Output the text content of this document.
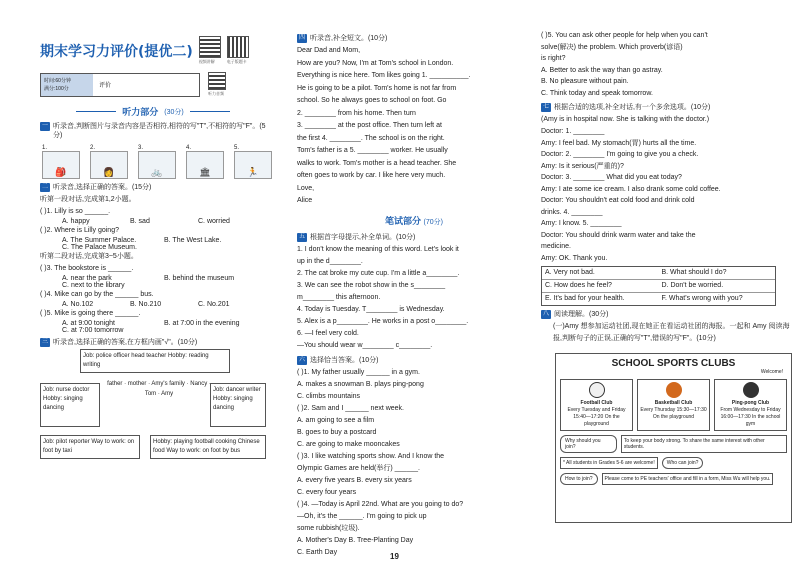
期末学习力评价(提优二)
视频讲解	电子版题卡
时间:60分钟
满分:100分	评价
听力音频
听力部分 (30分)
一 听录音,判断图片与录音内容是否相符,相符的写"T",不相符的写"F"。(5分)
1.
🎒
2.
👩
3.
🚲
4.
🏛
5.
🏃
二 听录音,选择正确的答案。(15分)

听第一段对话,完成第1,2小题。

( )1. Lilly is so ______.

A. happy	B. sad	C. worried

( )2. Where is Lilly going?

A. The Summer Palace.	B. The West Lake.
C. The Palace Museum.

听第二段对话,完成第3~5小题。

( )3. The bookstore is ______.

A. near the park	B. behind the museum
C. next to the library

( )4. Mike can go by the ______ bus.

A. No.102	B. No.210	C. No.201

( )5. Mike is going there ______.

A. at 9:00 tonight	B. at 7:00 in the evening
C. at 7:00 tomorrow
三 听录音,选择正确的答案,在方框内画"√"。(10分)
Job: police officer head teacher Hobby: reading writing
Job: nurse doctor Hobby: singing dancing
father · mother · Amy's family · Nancy · Tom · Amy
Job: dancer writer Hobby: singing dancing
Job: pilot reporter Way to work: on foot by taxi
Hobby: playing football cooking Chinese food Way to work: on foot by bus
四 听录音,补全短文。(10分)

Dear Dad and Mom,

How are you? Now, I'm at Tom's school in London.

Everything is nice here. Tom likes going 1. __________.

He is going to be a pilot. Tom's home is not far from

school. So he always goes to school on foot. Go

2. ________ from his home. Then turn

3. ________ at the post office. Then turn left at

the first 4. ________. The school is on the right.

Tom's father is a 5. ________ worker. He usually

walks to work. Tom's mother is a head teacher. She

often goes to work by car. I like here very much.

Love,

Alice

笔试部分 (70分)
五 根据首字母提示,补全单词。(10分)

1. I don't know the meaning of this word. Let's look it

up in the d________.

2. The cat broke my cute cup. I'm a little a________.

3. We can see the robot show in the s________

m________ this afternoon.

4. Today is Tuesday. T________ is Wednesday.

5. Alex is a p________. He works in a post o________.

6. —I feel very cold.

—You should wear w________ c________.

六 选择恰当答案。(10分)

( )1. My father usually ______ in a gym.

A. makes a snowman B. plays ping-pong

C. climbs mountains

( )2. Sam and I ______ next week.

A. am going to see a film

B. goes to buy a postcard

C. are going to make mooncakes

( )3. I like watching sports show. And I know the

Olympic Games are held(举行) ______.

A. every five years B. every six years

C. every four years

( )4. —Today is April 22nd. What are you going to do?

—Oh, it's the ______. I'm going to pick up

some rubbish(垃圾).

A. Mother's Day B. Tree-Planting Day

C. Earth Day

( )5. You can ask other people for help when you can't

solve(解决) the problem. Which proverb(谚语)

is right?

A. Better to ask the way than go astray.

B. No pleasure without pain.

C. Think today and speak tomorrow.

七 根据合适的选项,补全对话,有一个多余选项。(10分)

(Amy is in hospital now. She is talking with the doctor.)

Doctor: 1. ________

Amy: I feel bad. My stomach(胃) hurts all the time.

Doctor: 2. ________ I'm going to give you a check.

Amy: Is it serious(严重的)?

Doctor: 3. ________ What did you eat today?

Amy: I ate some ice cream. I also drank some cold coffee.

Doctor: You shouldn't eat cold food and drink cold

drinks. 4. ________

Amy: I know. 5. ________

Doctor: You should drink warm water and take the

medicine.

Amy: OK. Thank you.

A. Very not bad.	B. What should I do?
C. How does he feel?	D. Don't be worried.
E. It's bad for your health.	F. What's wrong with you?
八 阅读理解。(30分)

(一)Amy 想参加运动社团,现在她正在看运动社团的海报。一起和 Amy 阅读海报,判断句子的正误,正确的写"T",错误的写"F"。(10分)

SCHOOL SPORTS CLUBS
Welcome!
Football Club
Every Tuesday and Friday 15:40—17:20 On the playground
Basketball Club
Every Thursday 15:30—17:30 On the playground
Ping-pong Club
From Wednesday to Friday 16:00—17:30 In the school gym
Why should you join?
To keep your body strong. To share the same interest with other students.
* All students in Grades 5-6 are welcome!	Who can join?
How to join?	Please come to PE teachers' office and fill in a form, Miss Wu will help you.
19
